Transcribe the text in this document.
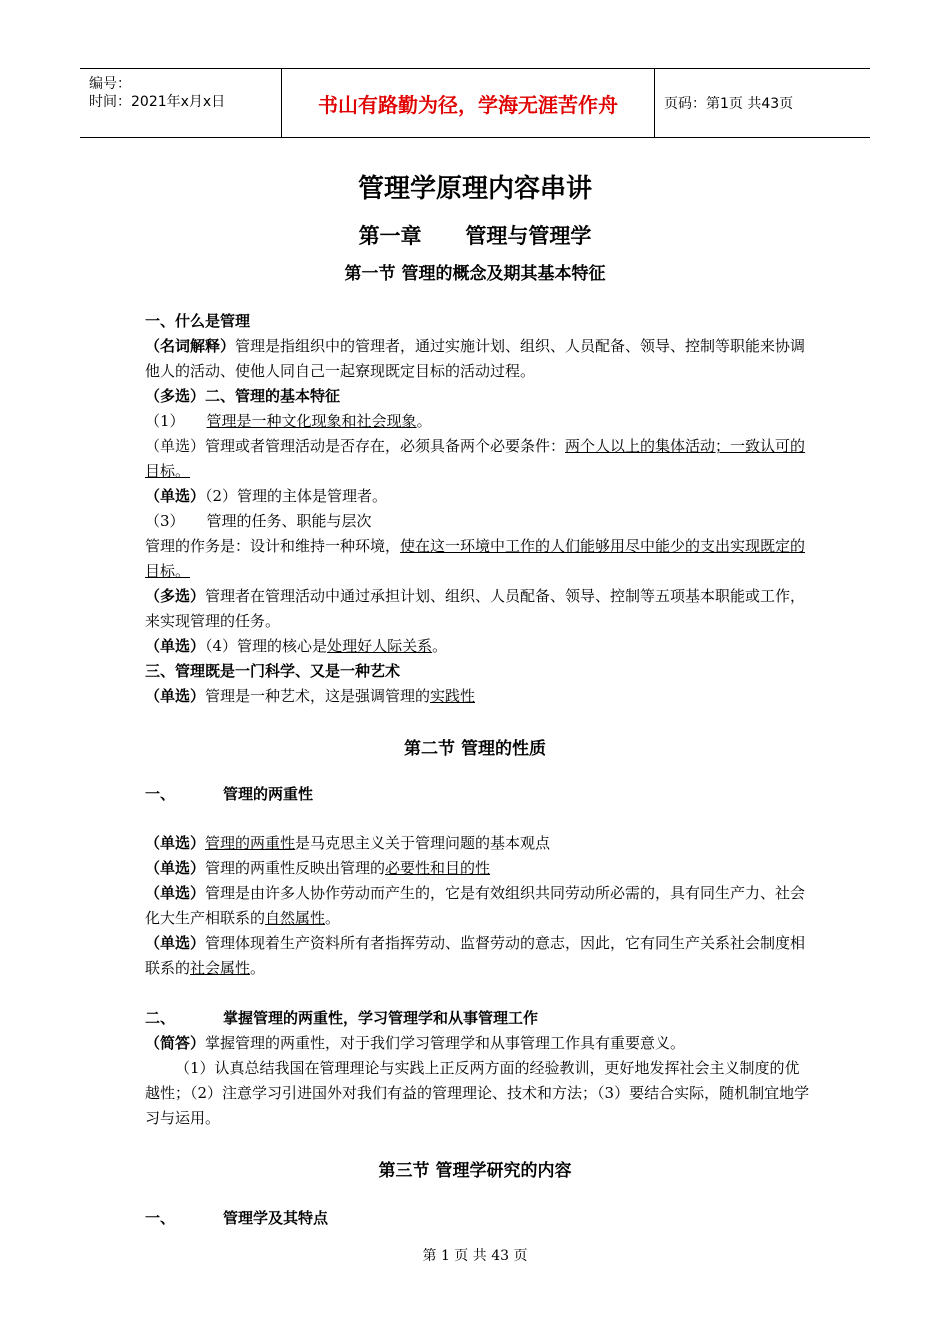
编号：
时间：2021年x月x日	书山有路勤为径，学海无涯苦作舟	页码：第1页 共43页
管理学原理内容串讲
第一章      管理与管理学
第一节 管理的概念及期其基本特征
一、什么是管理
（名词解释）管理是指组织中的管理者，通过实施计划、组织、人员配备、领导、控制等职能来协调他人的活动、使他人同自己一起寮现既定目标的活动过程。
（多选）二、管理的基本特征
（1） 管理是一种文化现象和社会现象。
（单选）管理或者管理活动是否存在，必须具备两个必要条件：两个人以上的集体活动；一致认可的目标。
（单选）（2）管理的主体是管理者。
（3） 管理的任务、职能与层次
管理的作务是：设计和维持一种环境，使在这一环境中工作的人们能够用尽中能少的支出实现既定的目标。
（多选）管理者在管理活动中通过承担计划、组织、人员配备、领导、控制等五项基本职能或工作，来实现管理的任务。
（单选）（4）管理的核心是处理好人际关系。
三、管理既是一门科学、又是一种艺术
（单选）管理是一种艺术，这是强调管理的实践性
第二节 管理的性质
一、	管理的两重性
（单选）管理的两重性是马克思主义关于管理问题的基本观点
（单选）管理的两重性反映出管理的必要性和目的性
（单选）管理是由许多人协作劳动而产生的，它是有效组织共同劳动所必需的，具有同生产力、社会化大生产相联系的自然属性。
（单选）管理体现着生产资料所有者指挥劳动、监督劳动的意志，因此，它有同生产关系社会制度相联系的社会属性。
二、	掌握管理的两重性，学习管理学和从事管理工作
（简答）掌握管理的两重性，对于我们学习管理学和从事管理工作具有重要意义。
（1）认真总结我国在管理理论与实践上正反两方面的经验教训，更好地发挥社会主义制度的优越性；（2）注意学习引进国外对我们有益的管理理论、技术和方法；（3）要结合实际，随机制宜地学习与运用。
第三节 管理学研究的内容
一、	管理学及其特点
第 1 页 共 43 页
